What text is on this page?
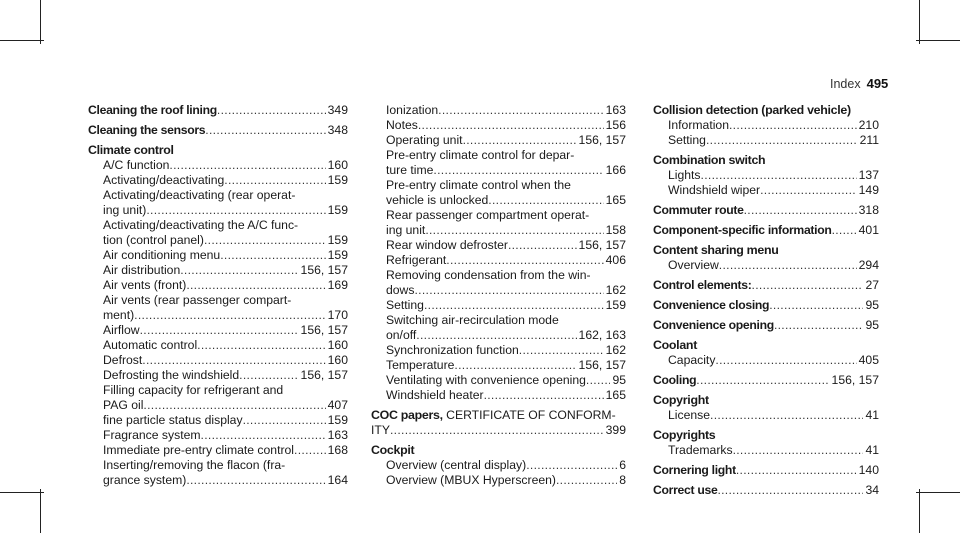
Index 495
Cleaning the roof lining .....	349
Cleaning the sensors .....	348
Climate control
A/C function .....	160
Activating/deactivating .....	159
Activating/deactivating (rear operat-
ing unit) .....	159
Activating/deactivating the A/C func-
tion (control panel) .....	159
Air conditioning menu .....	159
Air distribution .....	156, 157
Air vents (front) .....	169
Air vents (rear passenger compart-
ment) .....	170
Airflow .....	156, 157
Automatic control .....	160
Defrost .....	160
Defrosting the windshield .....	156, 157
Filling capacity for refrigerant and
PAG oil .....	407
fine particle status display .....	159
Fragrance system .....	163
Immediate pre-entry climate control .....	168
Inserting/removing the flacon (fra-
grance system) .....	164
Ionization .....	163
Notes .....	156
Operating unit .....	156, 157
Pre-entry climate control for depar-
ture time .....	166
Pre-entry climate control when the
vehicle is unlocked .....	165
Rear passenger compartment operat-
ing unit .....	158
Rear window defroster .....	156, 157
Refrigerant .....	406
Removing condensation from the win-
dows .....	162
Setting .....	159
Switching air-recirculation mode
on/off .....	162, 163
Synchronization function .....	162
Temperature .....	156, 157
Ventilating with convenience opening ..... 95
Windshield heater .....	165
COC papers, CERTIFICATE OF CONFORM-
ITY .....	399
Cockpit
Overview (central display) .....	6
Overview (MBUX Hyperscreen) .....	8
Collision detection (parked vehicle)
Information .....	210
Setting .....	211
Combination switch
Lights .....	137
Windshield wiper .....	149
Commuter route .....	318
Component-specific information ..... 401
Content sharing menu
Overview .....	294
Control elements: .....	27
Convenience closing .....	95
Convenience opening .....	95
Coolant
Capacity .....	405
Cooling .....	156, 157
Copyright
License .....	41
Copyrights
Trademarks .....	41
Cornering light .....	140
Correct use .....	34
